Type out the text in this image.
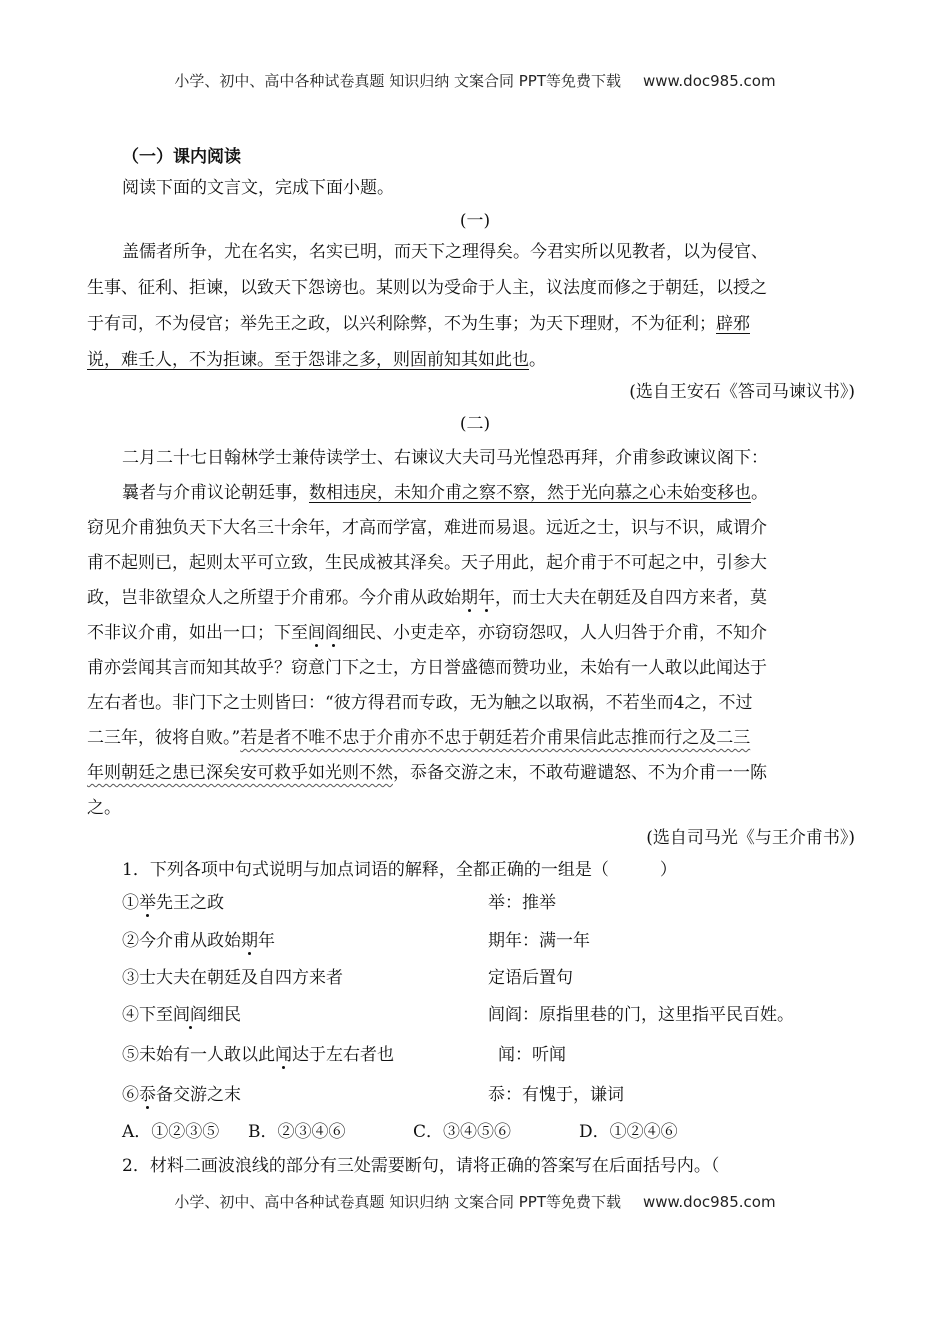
小学、初中、高中各种试卷真题 知识归纳 文案合同 PPT等免费下载 www.doc985.com
（一）课内阅读
阅读下面的文言文，完成下面小题。
(一)
盖儒者所争，尤在名实，名实已明，而天下之理得矣。今君实所以见教者，以为侵官、
生事、征利、拒谏，以致天下怨谤也。某则以为受命于人主，议法度而修之于朝廷，以授之
于有司，不为侵官；举先王之政，以兴利除弊，不为生事；为天下理财，不为征利；辟邪
说，难壬人，不为拒谏。至于怨诽之多，则固前知其如此也。
(选自王安石《答司马谏议书》)
(二)
二月二十七日翰林学士兼侍读学士、右谏议大夫司马光惶恐再拜，介甫参政谏议阁下：
曩者与介甫议论朝廷事，数相违戾，未知介甫之察不察，然于光向慕之心未始变移也。
窃见介甫独负天下大名三十余年，才高而学富，难进而易退。远近之士，识与不识，咸谓介
甫不起则已，起则太平可立致，生民成被其泽矣。天子用此，起介甫于不可起之中，引参大
政，岂非欲望众人之所望于介甫邪。今介甫从政始期年，而士大夫在朝廷及自四方来者，莫
不非议介甫，如出一口；下至闾阎细民、小吏走卒，亦窃窃怨叹，人人归咎于介甫，不知介
甫亦尝闻其言而知其故乎？窃意门下之士，方日誉盛德而赞功业，未始有一人敢以此闻达于
左右者也。非门下之士则皆曰：“彼方得君而专政，无为触之以取祸，不若坐而4之，不过
二三年，彼将自败。”若是者不唯不忠于介甫亦不忠于朝廷若介甫果信此志推而行之及二三
年则朝廷之患已深矣安可救乎如光则不然，忝备交游之末，不敢苟避谴怒、不为介甫一一陈
之。
(选自司马光《与王介甫书》)
1．下列各项中句式说明与加点词语的解释，全都正确的一组是（　　　）
①举先王之政	举：推举
②今介甫从政始期年	期年：满一年
③士大夫在朝廷及自四方来者	定语后置句
④下至闾阎细民	闾阎：原指里巷的门，这里指平民百姓。
⑤未始有一人敢以此闻达于左右者也	闻：听闻
⑥忝备交游之末	忝：有愧于，谦词
A．①②③⑤ B．②③④⑥	C．③④⑤⑥	D．①②④⑥
2．材料二画波浪线的部分有三处需要断句，请将正确的答案写在后面括号内。（
小学、初中、高中各种试卷真题 知识归纳 文案合同 PPT等免费下载 www.doc985.com
